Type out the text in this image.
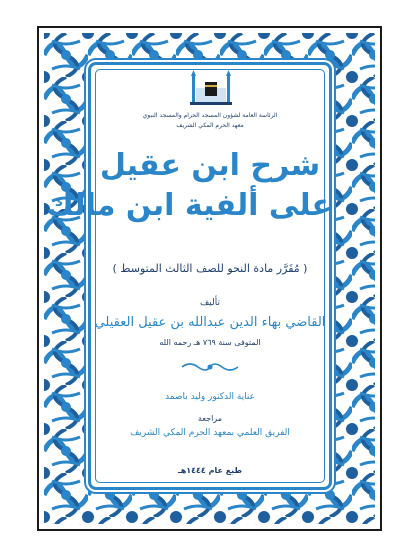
الرئاسة العامة لشؤون المسجد الحرام والمسجد النبوي
معهد الحرم المكي الشريف
شرح ابن عقيل
على ألفية ابن مالك
( مُقَرَّر مادة النحو للصف الثالث المتوسط )
تأليف
القاضي بهاء الدين عبدالله بن عقيل العقيلي
المتوفى سنة ٧٦٩ هـ رحمه الله
عناية الدكتور وليد باصمد
مراجعة
الفريق العلمي بمعهد الحرم المكي الشريف
طبع عام ١٤٤٤هـ
